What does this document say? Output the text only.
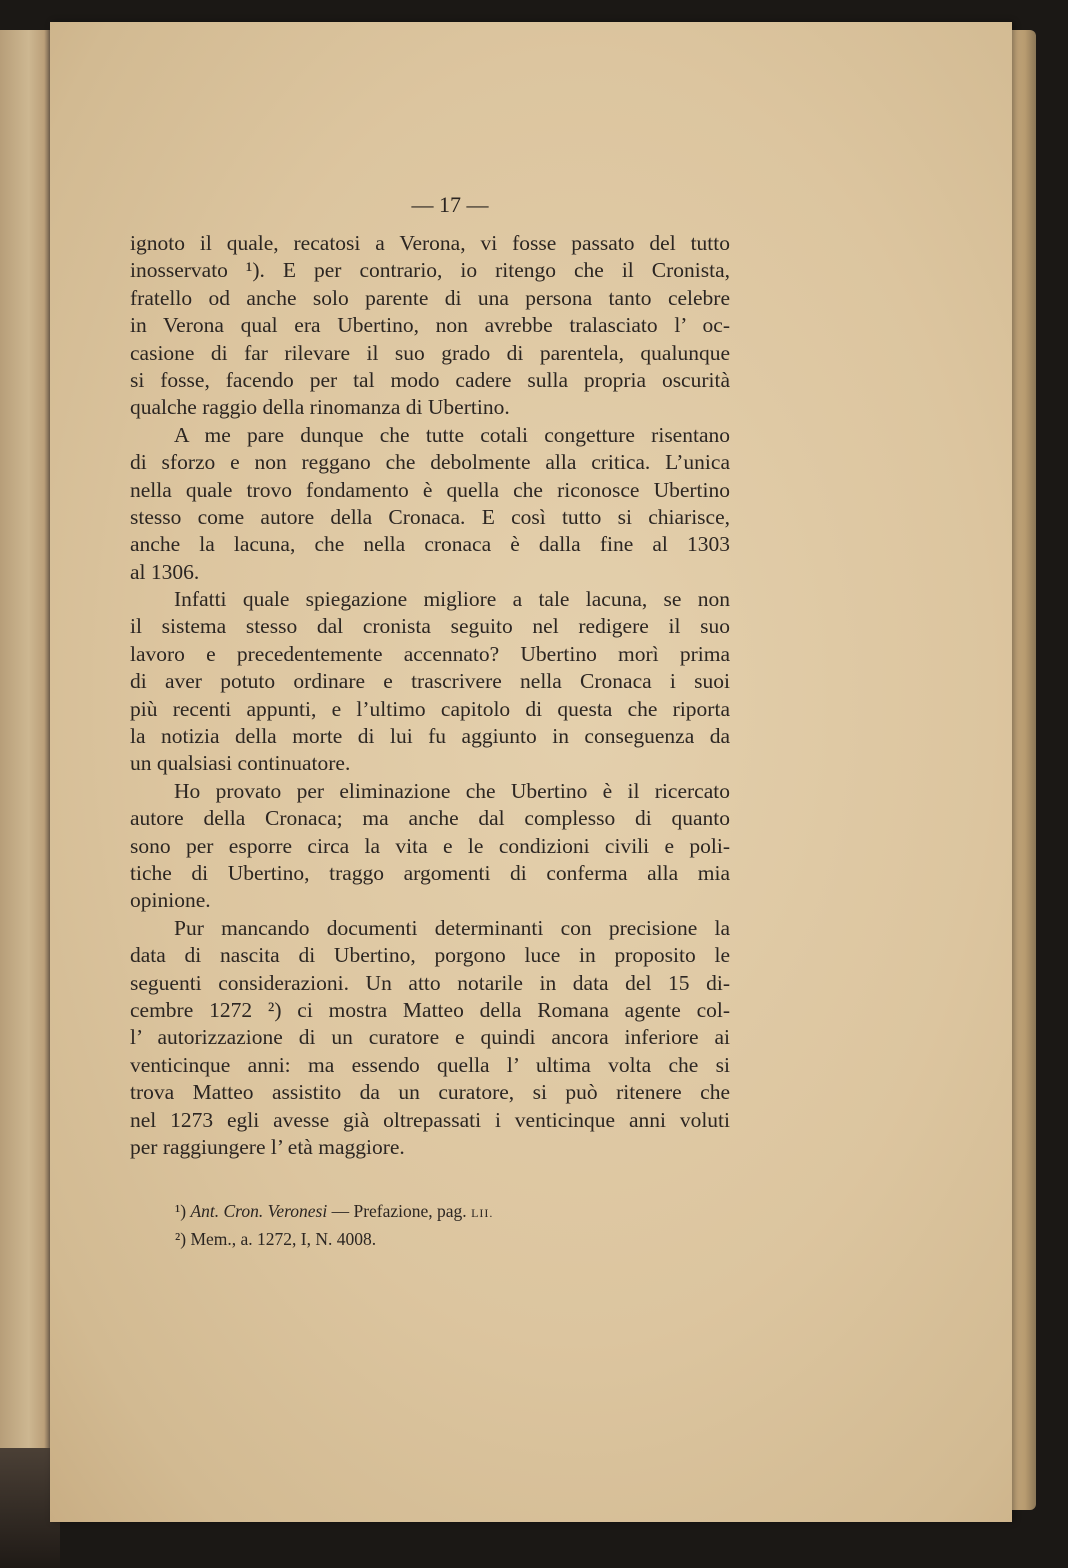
— 17 —
ignoto il quale, recatosi a Verona, vi fosse passato del tutto
inosservato ¹). E per contrario, io ritengo che il Cronista,
fratello od anche solo parente di una persona tanto celebre
in Verona qual era Ubertino, non avrebbe tralasciato l’ oc-
casione di far rilevare il suo grado di parentela, qualunque
si fosse, facendo per tal modo cadere sulla propria oscurità
qualche raggio della rinomanza di Ubertino.
A me pare dunque che tutte cotali congetture risentano
di sforzo e non reggano che debolmente alla critica. L’unica
nella quale trovo fondamento è quella che riconosce Ubertino
stesso come autore della Cronaca. E così tutto si chiarisce,
anche la lacuna, che nella cronaca è dalla fine al 1303
al 1306.
Infatti quale spiegazione migliore a tale lacuna, se non
il sistema stesso dal cronista seguito nel redigere il suo
lavoro e precedentemente accennato? Ubertino morì prima
di aver potuto ordinare e trascrivere nella Cronaca i suoi
più recenti appunti, e l’ultimo capitolo di questa che riporta
la notizia della morte di lui fu aggiunto in conseguenza da
un qualsiasi continuatore.
Ho provato per eliminazione che Ubertino è il ricercato
autore della Cronaca; ma anche dal complesso di quanto
sono per esporre circa la vita e le condizioni civili e poli-
tiche di Ubertino, traggo argomenti di conferma alla mia
opinione.
Pur mancando documenti determinanti con precisione la
data di nascita di Ubertino, porgono luce in proposito le
seguenti considerazioni. Un atto notarile in data del 15 di-
cembre 1272 ²) ci mostra Matteo della Romana agente col-
l’ autorizzazione di un curatore e quindi ancora inferiore ai
venticinque anni: ma essendo quella l’ ultima volta che si
trova Matteo assistito da un curatore, si può ritenere che
nel 1273 egli avesse già oltrepassati i venticinque anni voluti
per raggiungere l’ età maggiore.
¹) Ant. Cron. Veronesi — Prefazione, pag. LII.
²) Mem., a. 1272, I, N. 4008.
